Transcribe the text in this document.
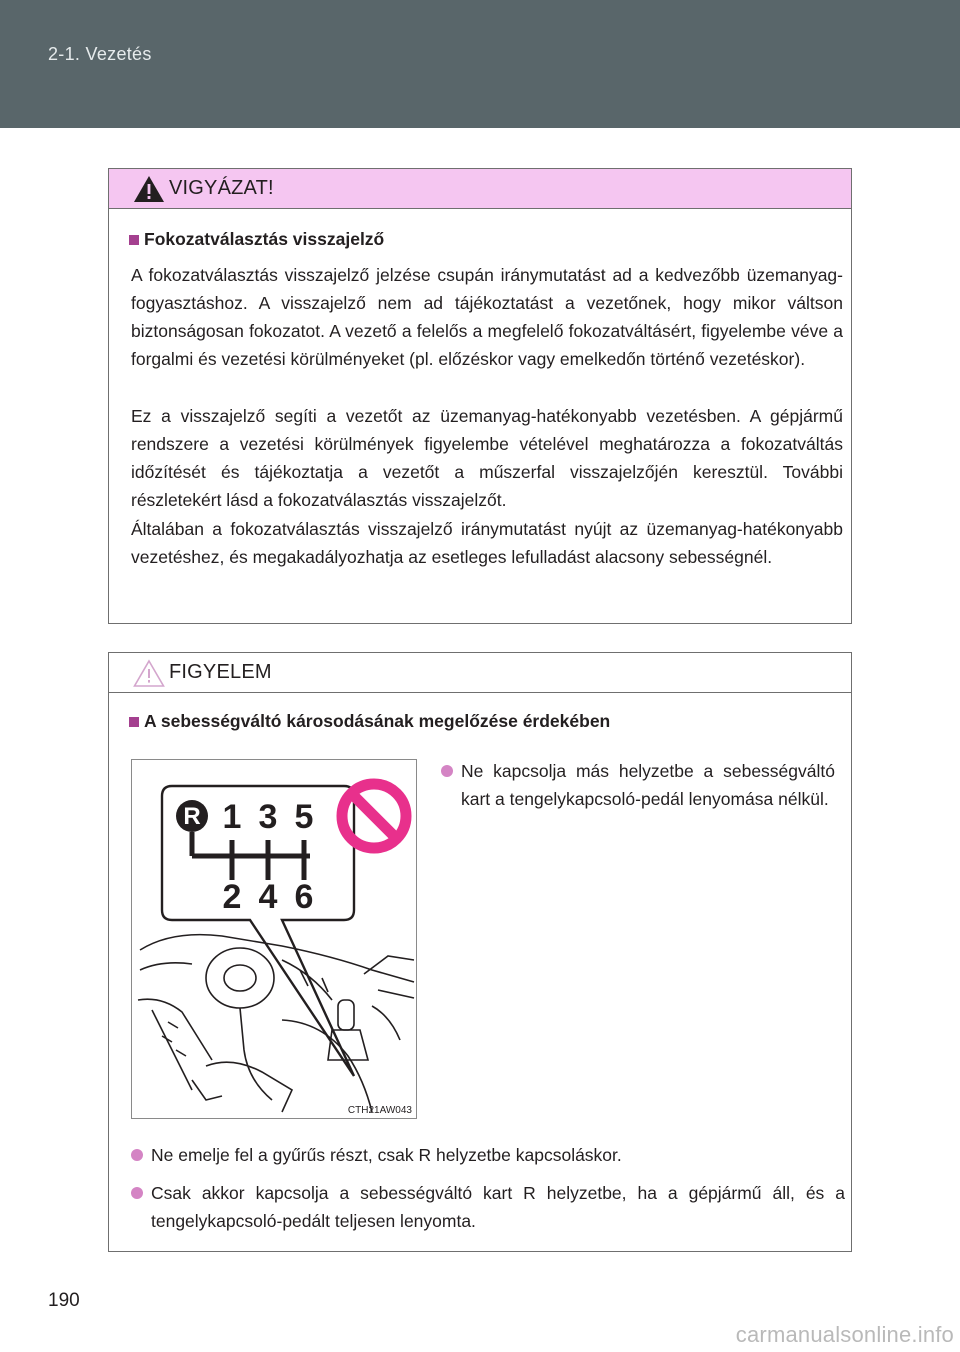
2-1. Vezetés
VIGYÁZAT!
Fokozatválasztás visszajelző
A fokozatválasztás visszajelző jelzése csupán iránymutatást ad a kedvezőbb üzemanyag-fogyasztáshoz. A visszajelző nem ad tájékoztatást a vezetőnek, hogy mikor váltson biztonságosan fokozatot. A vezető a felelős a megfelelő fokozatváltásért, figyelembe véve a forgalmi és vezetési körülményeket (pl. előzéskor vagy emelkedőn történő vezetéskor).
Ez a visszajelző segíti a vezetőt az üzemanyag-hatékonyabb vezetésben. A gépjármű rendszere a vezetési körülmények figyelembe vételével meghatározza a fokozatváltás időzítését és tájékoztatja a vezetőt a műszerfal visszajelzőjén keresztül. További részletekért lásd a fokozatválasztás visszajelzőt.
Általában a fokozatválasztás visszajelző iránymutatást nyújt az üzemanyag-hatékonyabb vezetéshez, és megakadályozhatja az esetleges lefulladást alacsony sebességnél.
FIGYELEM
A sebességváltó károsodásának megelőzése érdekében
R 1 3 5
2 4 6
CTH21AW043
Ne kapcsolja más helyzetbe a sebességváltó kart a tengelykapcsoló-pedál lenyomása nélkül.
Ne emelje fel a gyűrűs részt, csak R helyzetbe kapcsoláskor.
Csak akkor kapcsolja a sebességváltó kart R helyzetbe, ha a gépjármű áll, és a tengelykapcsoló-pedált teljesen lenyomta.
190
carmanualsonline.info
